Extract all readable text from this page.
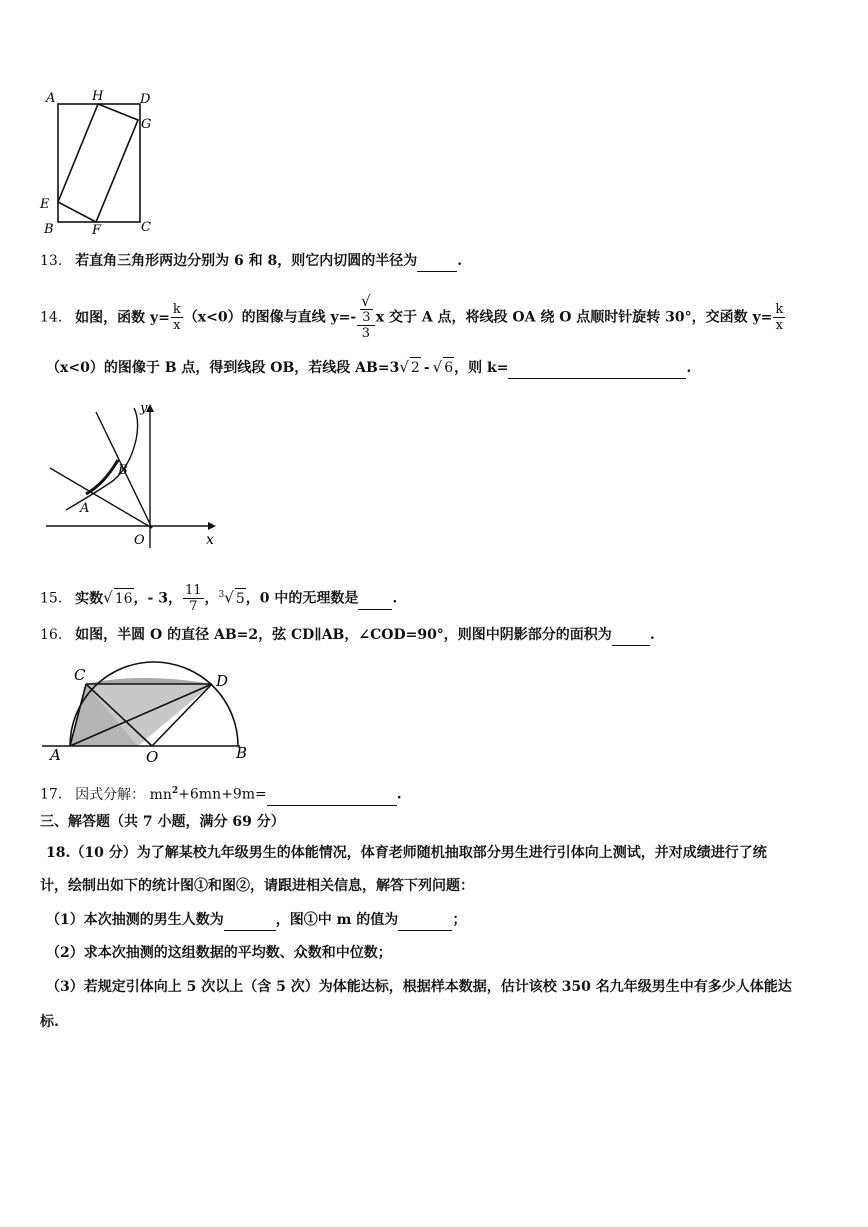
A	H	D
G
E
B	F	C
13. 若直角三角形两边分别为 6 和 8，则它内切圆的半径为	.
14. 如图，函数 $y= \frac{k}{x} (x<0)$的图像与直线 y=- √
3
3 x 交于 A 点，将线段 OA 绕 O 点顺时针旋转 30°，交函数 $y= \frac{k}{x}$
（x<0）的图像于 B 点，得到线段 OB，若线段 AB=3√ 2 - √ 6，则 k=	.
y
x
O
A
B
15. 实数√ 16，- 3， $\frac{11}{7}$ ，$^3$√ 5，0 中的无理数是 .
16. 如图，半圆 O 的直径 AB=2，弦 CD∥AB，∠COD=90°，则图中阴影部分的面积为	.
C	D
A	O	B
17. 因式分解： $mn^2+6mn+9m=$	.
三、解答题（共 7 小题，满分 69 分）
18.（10 分）为了解某校九年级男生的体能情况，体育老师随机抽取部分男生进行引体向上测试，并对成绩进行了统
计，绘制出如下的统计图①和图②，请跟进相关信息，解答下列问题：
（1）本次抽测的男生人数为	，图①中 m 的值为	；
（2）求本次抽测的这组数据的平均数、众数和中位数；
（3）若规定引体向上 5 次以上（含 5 次）为体能达标，根据样本数据，估计该校 350 名九年级男生中有多少人体能达
标.
